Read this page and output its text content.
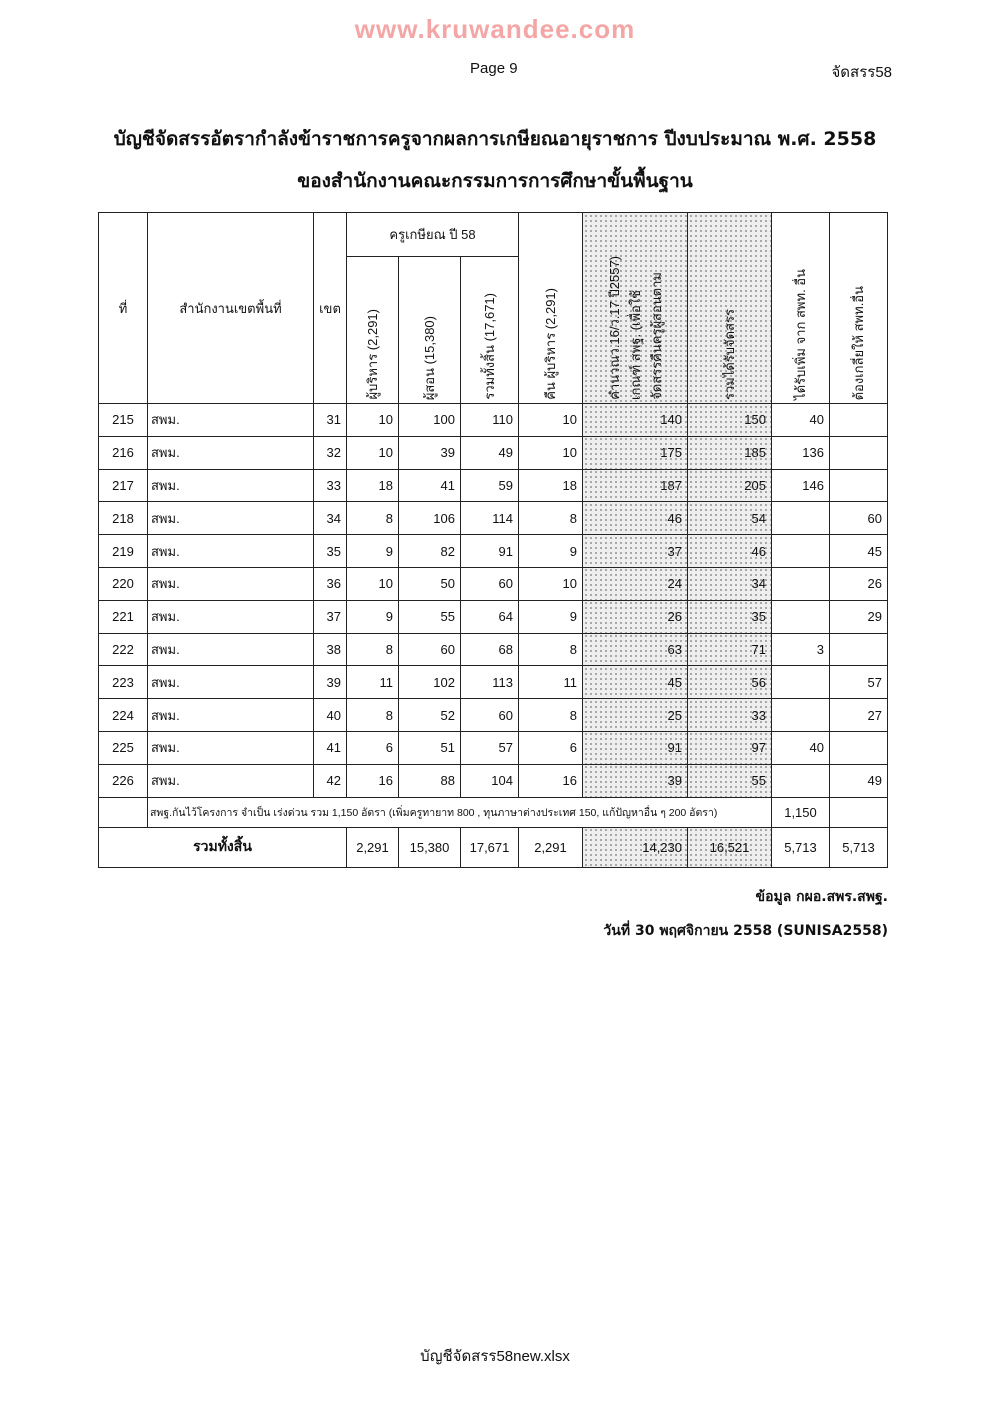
www.kruwandee.com
Page 9	จัดสรร58
บัญชีจัดสรรอัตรากำลังข้าราชการครูจากผลการเกษียณอายุราชการ ปีงบประมาณ พ.ศ. 2558
ของสำนักงานคณะกรรมการการศึกษาขั้นพื้นฐาน
ที่	สำนักงานเขตพื้นที่	เขต	ครูเกษียณ ปี 58			คืน ผู้บริหาร (2,291)	คำนวณว.16/ว.17 ปี2557) เกณฑ์ สพฐ. (เพื่อใช้ จัดสรรคืนครูผู้สอนตาม	รวมได้รับจัดสรร	ได้รับเพิ่ม จาก สพท. อื่น	ต้องเกลี่ยให้ สพท.อื่น
			ผู้บริหาร (2,291)	ผู้สอน (15,380)	รวมทั้งสิ้น (17,671)					
215	สพม.	31	10	100	110	10	140	150	40	
216	สพม.	32	10	39	49	10	175	185	136	
217	สพม.	33	18	41	59	18	187	205	146	
218	สพม.	34	8	106	114	8	46	54		60
219	สพม.	35	9	82	91	9	37	46		45
220	สพม.	36	10	50	60	10	24	34		26
221	สพม.	37	9	55	64	9	26	35		29
222	สพม.	38	8	60	68	8	63	71	3	
223	สพม.	39	11	102	113	11	45	56		57
224	สพม.	40	8	52	60	8	25	33		27
225	สพม.	41	6	51	57	6	91	97	40	
226	สพม.	42	16	88	104	16	39	55		49
	สพฐ.กันไว้โครงการ จำเป็น เร่งด่วน รวม 1,150 อัตรา (เพิ่มครูทายาท 800 , ทุนภาษาต่างประเทศ 150, แก้ปัญหาอื่น ๆ 200 อัตรา)								1,150	
รวมทั้งสิ้น			2,291	15,380	17,671	2,291	14,230	16,521	5,713	5,713
ข้อมูล กผอ.สพร.สพฐ.
วันที่ 30 พฤศจิกายน 2558 (SUNISA2558)
บัญชีจัดสรร58new.xlsx
